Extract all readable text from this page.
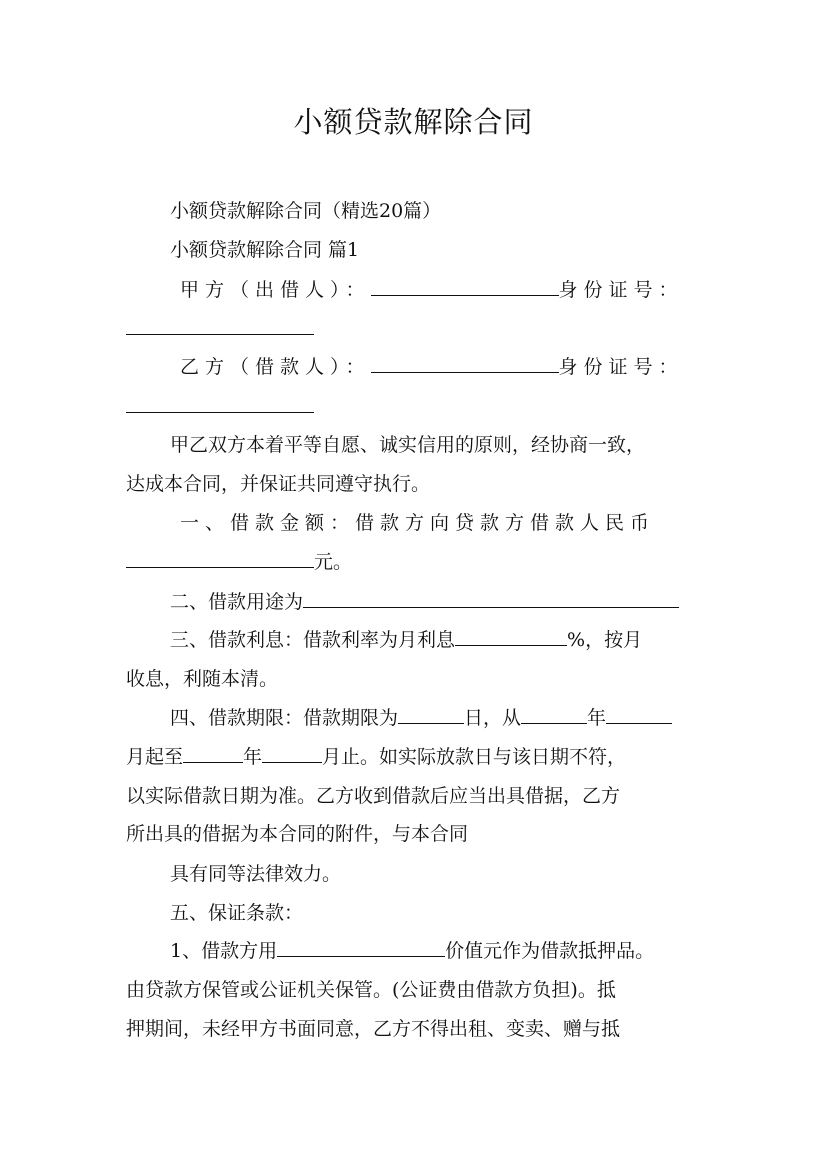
小额贷款解除合同
小额贷款解除合同（精选20篇）
小额贷款解除合同 篇1
甲方（出借人）：	身份证号：
乙方（借款人）：	身份证号：
甲乙双方本着平等自愿、诚实信用的原则，经协商一致，
达成本合同，并保证共同遵守执行。
一、借款金额：借款方向贷款方借款人民币
元。
二、借款用途为
三、借款利息：借款利率为月利息	%，按月
收息，利随本清。
四、借款期限：借款期限为	日，从	年
月起至	年	月止。如实际放款日与该日期不符，
以实际借款日期为准。乙方收到借款后应当出具借据，乙方
所出具的借据为本合同的附件，与本合同
具有同等法律效力。
五、保证条款：
1、借款方用	价值元作为借款抵押品。
由贷款方保管或公证机关保管。(公证费由借款方负担)。抵
押期间，未经甲方书面同意，乙方不得出租、变卖、赠与抵
